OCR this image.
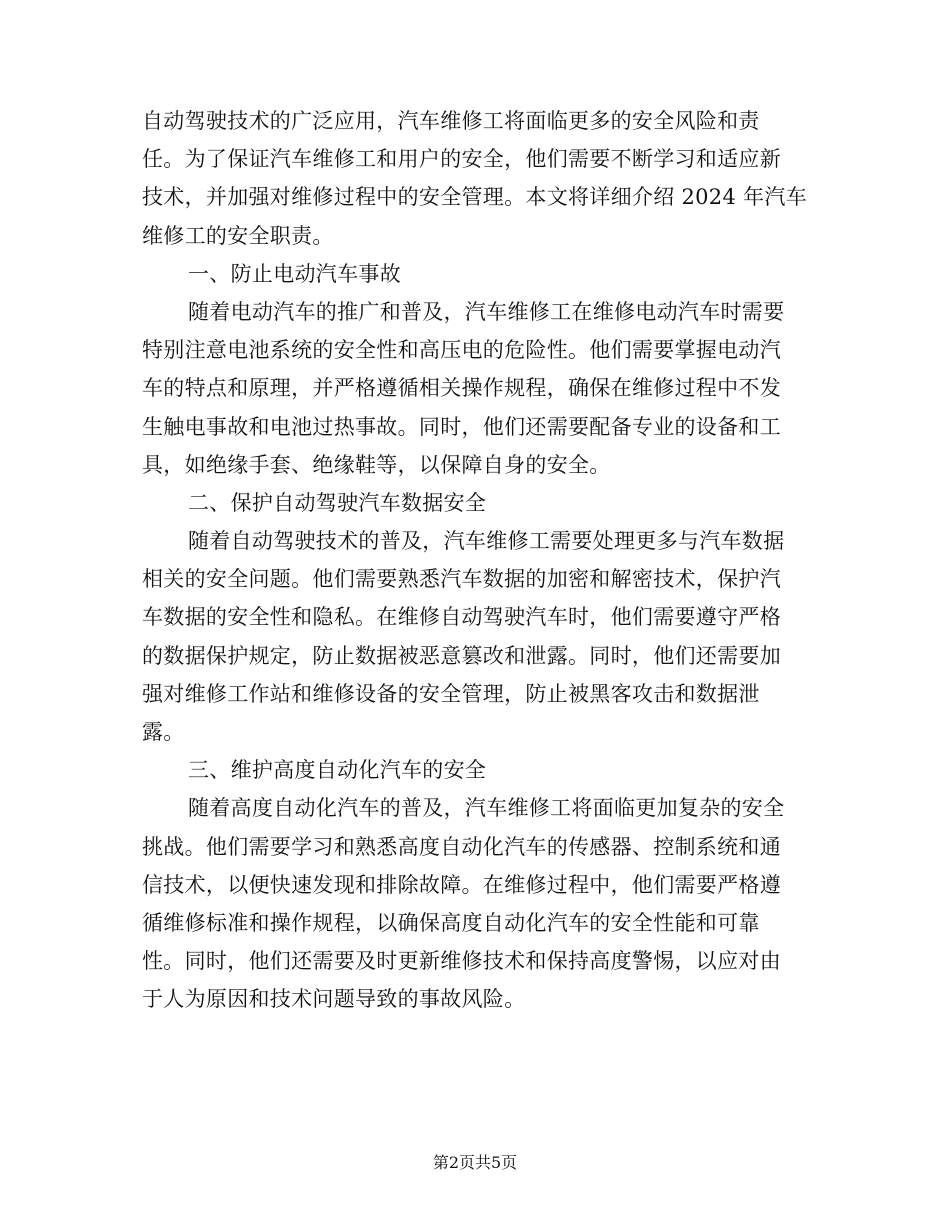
自动驾驶技术的广泛应用，汽车维修工将面临更多的安全风险和责
任。为了保证汽车维修工和用户的安全，他们需要不断学习和适应新
技术，并加强对维修过程中的安全管理。本文将详细介绍 2024 年汽车
维修工的安全职责。
一、防止电动汽车事故
随着电动汽车的推广和普及，汽车维修工在维修电动汽车时需要
特别注意电池系统的安全性和高压电的危险性。他们需要掌握电动汽
车的特点和原理，并严格遵循相关操作规程，确保在维修过程中不发
生触电事故和电池过热事故。同时，他们还需要配备专业的设备和工
具，如绝缘手套、绝缘鞋等，以保障自身的安全。
二、保护自动驾驶汽车数据安全
随着自动驾驶技术的普及，汽车维修工需要处理更多与汽车数据
相关的安全问题。他们需要熟悉汽车数据的加密和解密技术，保护汽
车数据的安全性和隐私。在维修自动驾驶汽车时，他们需要遵守严格
的数据保护规定，防止数据被恶意篡改和泄露。同时，他们还需要加
强对维修工作站和维修设备的安全管理，防止被黑客攻击和数据泄
露。
三、维护高度自动化汽车的安全
随着高度自动化汽车的普及，汽车维修工将面临更加复杂的安全
挑战。他们需要学习和熟悉高度自动化汽车的传感器、控制系统和通
信技术，以便快速发现和排除故障。在维修过程中，他们需要严格遵
循维修标准和操作规程，以确保高度自动化汽车的安全性能和可靠
性。同时，他们还需要及时更新维修技术和保持高度警惕，以应对由
于人为原因和技术问题导致的事故风险。
第2页共5页
